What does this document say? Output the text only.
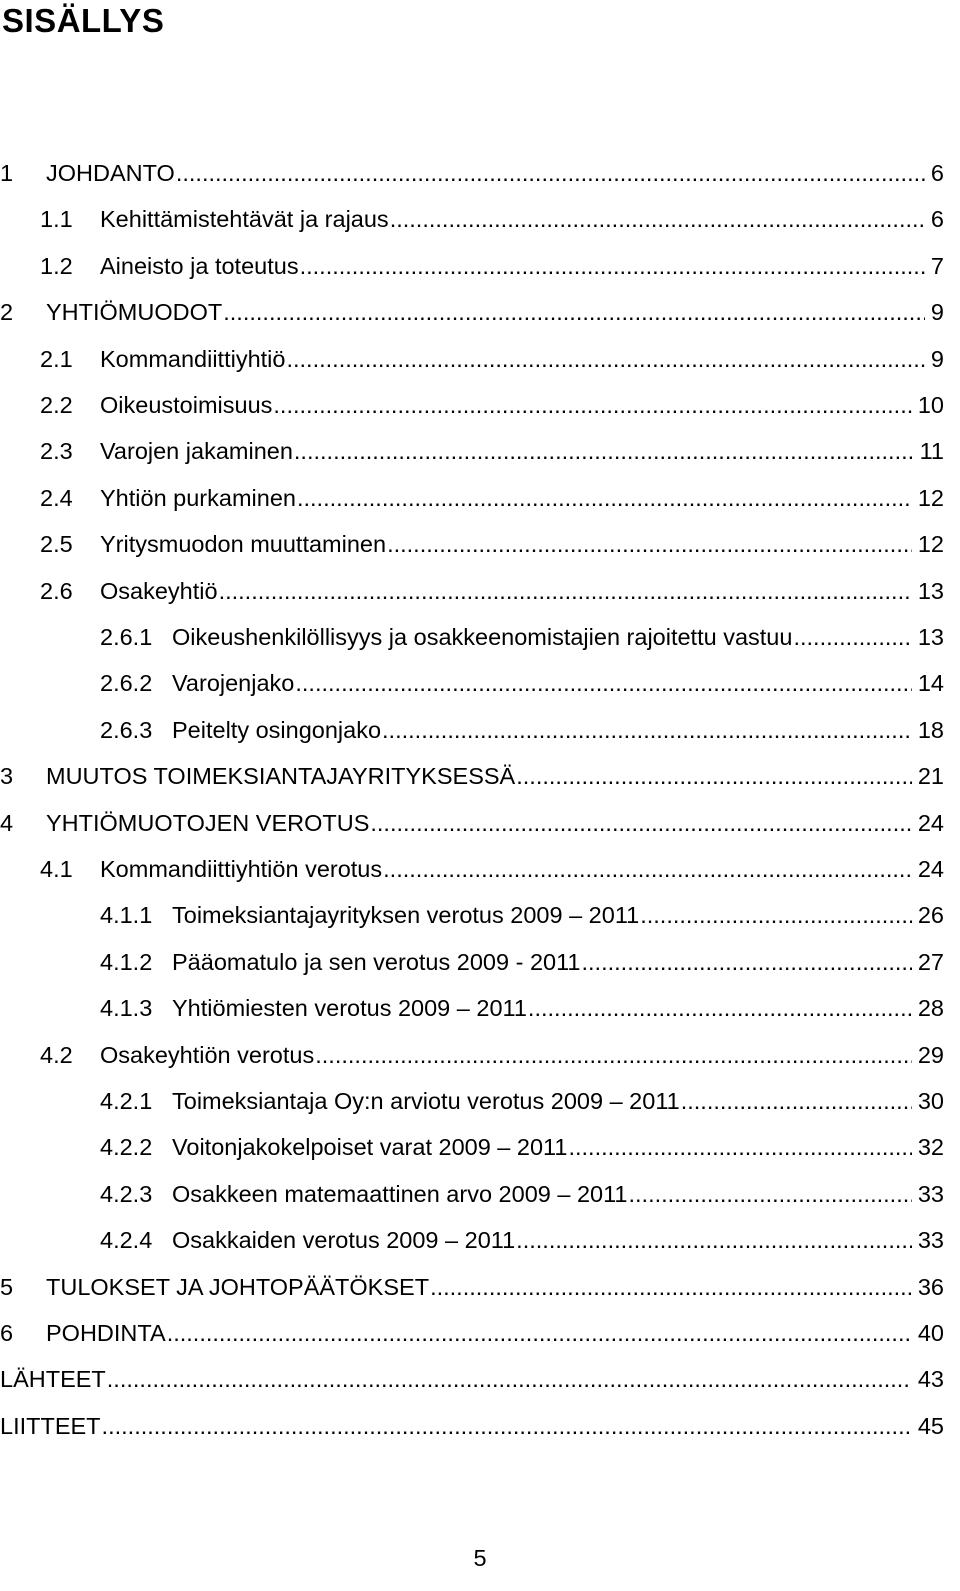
SISÄLLYS
1	JOHDANTO .....	6
1.1	Kehittämistehtävät ja rajaus .....	6
1.2	Aineisto ja toteutus .....	7
2	YHTIÖMUODOT .....	9
2.1	Kommandiittiyhtiö .....	9
2.2	Oikeustoimisuus .....	10
2.3	Varojen jakaminen .....	11
2.4	Yhtiön purkaminen .....	12
2.5	Yritysmuodon muuttaminen .....	12
2.6	Osakeyhtiö .....	13
2.6.1 Oikeushenkilöllisyys ja osakkeenomistajien rajoitettu vastuu .....	13
2.6.2 Varojenjako .....	14
2.6.3 Peitelty osingonjako .....	18
3	MUUTOS TOIMEKSIANTAJAYRITYKSESSÄ .....	21
4	YHTIÖMUOTOJEN VEROTUS .....	24
4.1	Kommandiittiyhtiön verotus .....	24
4.1.1 Toimeksiantajayrityksen verotus 2009 – 2011 .....	26
4.1.2 Pääomatulo ja sen verotus 2009 - 2011 .....	27
4.1.3 Yhtiömiesten verotus 2009 – 2011 .....	28
4.2	Osakeyhtiön verotus .....	29
4.2.1 Toimeksiantaja Oy:n arviotu verotus 2009 – 2011 .....	30
4.2.2 Voitonjakokelpoiset varat 2009 – 2011 .....	32
4.2.3 Osakkeen matemaattinen arvo 2009 – 2011 .....	33
4.2.4 Osakkaiden verotus 2009 – 2011 .....	33
5	TULOKSET JA JOHTOPÄÄTÖKSET .....	36
6	POHDINTA .....	40
LÄHTEET .....	43
LIITTEET .....	45
5
